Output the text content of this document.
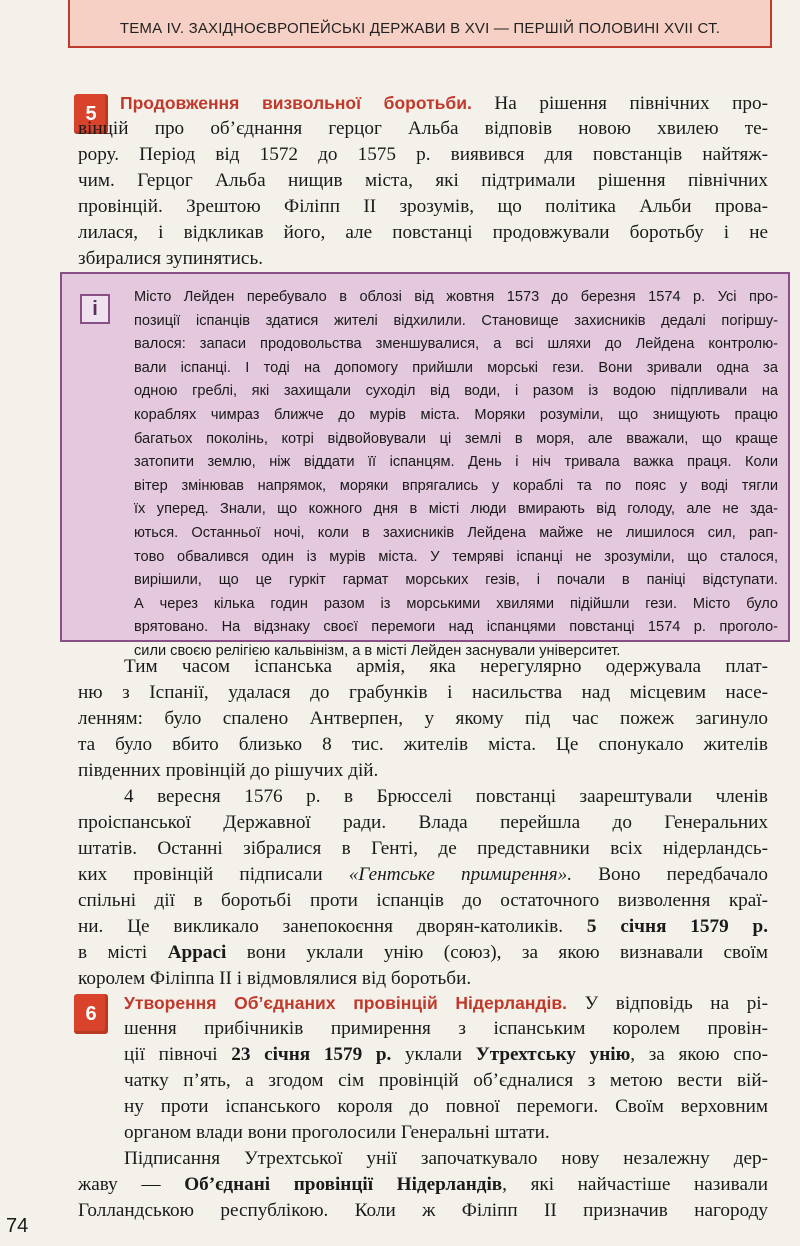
ТЕМА IV. ЗАХІДНОЄВРОПЕЙСЬКІ ДЕРЖАВИ В XVI — ПЕРШІЙ ПОЛОВИНІ XVII СТ.
5	Продовження визвольної боротьби. На рішення північних про-
вінцій про об’єднання герцог Альба відповів новою хвилею те-
рору. Період від 1572 до 1575 р. виявився для повстанців найтяж-
чим. Герцог Альба нищив міста, які підтримали рішення північних
провінцій. Зрештою Філіпп II зрозумів, що політика Альби прова-
лилася, і відкликав його, але повстанці продовжували боротьбу і не
збиралися зупинятись.
i
Місто Лейден перебувало в облозі від жовтня 1573 до березня 1574 р. Усі про-
позиції іспанців здатися жителі відхилили. Становище захисників дедалі погіршу-
валося: запаси продовольства зменшувалися, а всі шляхи до Лейдена контролю-
вали іспанці. І тоді на допомогу прийшли морські гези. Вони зривали одна за
одною греблі, які захищали суходіл від води, і разом із водою підпливали на
кораблях чимраз ближче до мурів міста. Моряки розуміли, що знищують працю
багатьох поколінь, котрі відвойовували ці землі в моря, але вважали, що краще
затопити землю, ніж віддати її іспанцям. День і ніч тривала важка праця. Коли
вітер змінював напрямок, моряки впрягались у кораблі та по пояс у воді тягли
їх уперед. Знали, що кожного дня в місті люди вмирають від голоду, але не зда-
ються. Останньої ночі, коли в захисників Лейдена майже не лишилося сил, рап-
тово обвалився один із мурів міста. У темряві іспанці не зрозуміли, що сталося,
вирішили, що це гуркіт гармат морських гезів, і почали в паніці відступати.
А через кілька годин разом із морськими хвилями підійшли гези. Місто було
врятовано. На відзнаку своєї перемоги над іспанцями повстанці 1574 р. проголо-
сили своєю релігією кальвінізм, а в місті Лейден заснували університет.
Тим часом іспанська армія, яка нерегулярно одержувала плат-
ню з Іспанії, удалася до грабунків і насильства над місцевим насе-
ленням: було спалено Антверпен, у якому під час пожеж загинуло
та було вбито близько 8 тис. жителів міста. Це спонукало жителів
південних провінцій до рішучих дій.
4 вересня 1576 р. в Брюсселі повстанці заарештували членів
проіспанської Державної ради. Влада перейшла до Генеральних
штатів. Останні зібралися в Генті, де представники всіх нідерландсь-
ких провінцій підписали «Гентське примирення». Воно передбачало
спільні дії в боротьбі проти іспанців до остаточного визволення краї-
ни. Це викликало занепокоєння дворян-католиків. 5 січня 1579 р.
в місті Аррасі вони уклали унію (союз), за якою визнавали своїм
королем Філіппа II і відмовлялися від боротьби.
6	Утворення Об’єднаних провінцій Нідерландів. У відповідь на рі-
шення прибічників примирення з іспанським королем провін-
ції півночі 23 січня 1579 р. уклали Утрехтську унію, за якою спо-
чатку п’ять, а згодом сім провінцій об’єдналися з метою вести вій-
ну проти іспанського короля до повної перемоги. Своїм верховним
органом влади вони проголосили Генеральні штати.
Підписання Утрехтської унії започаткувало нову незалежну дер-
жаву — Об’єднані провінції Нідерландів, які найчастіше називали
Голландською республікою. Коли ж Філіпп II призначив нагороду
74
